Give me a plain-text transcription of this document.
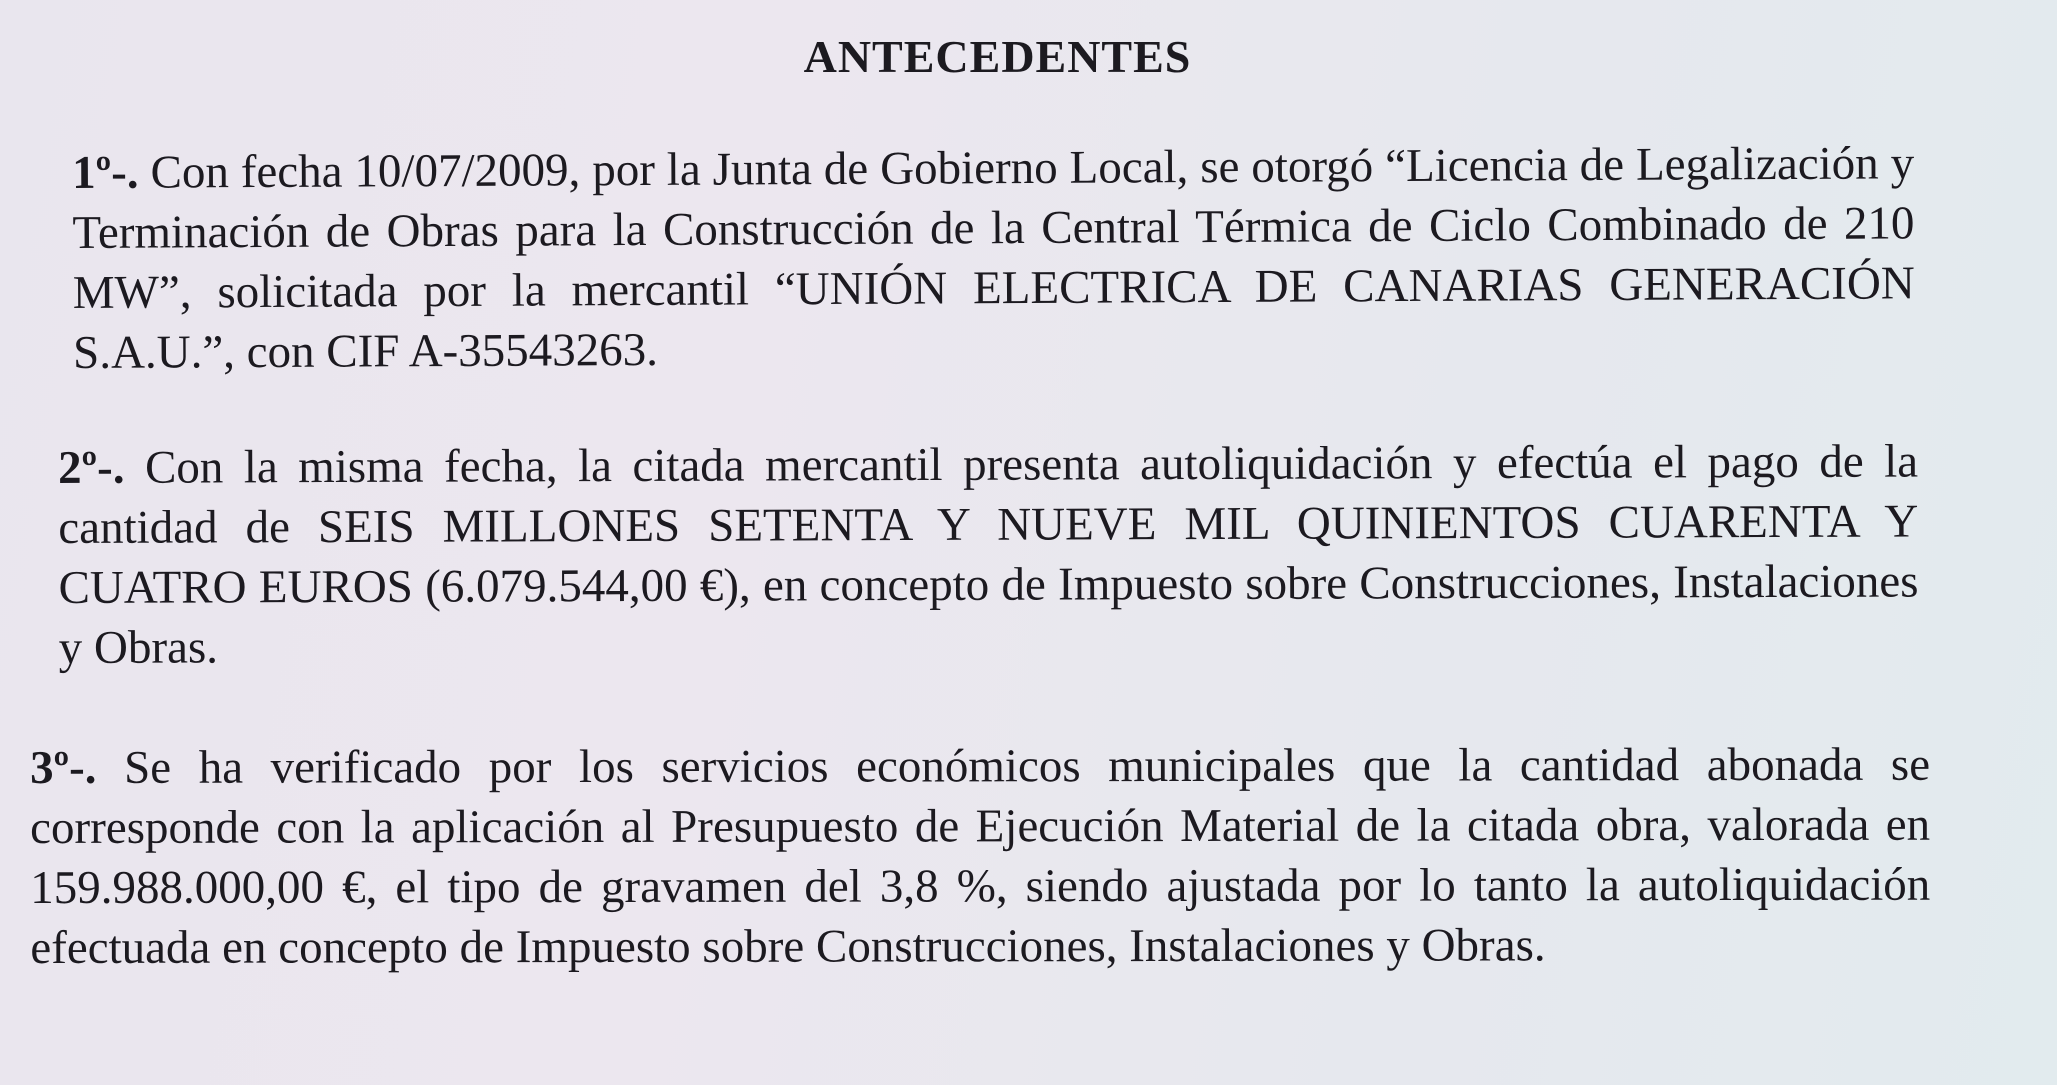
ANTECEDENTES

1º-. Con fecha 10/07/2009, por la Junta de Gobierno Local, se otorgó “Licencia de Legalización y Terminación de Obras para la Construcción de la Central Térmica de Ciclo Combinado de 210 MW”, solicitada por la mercantil “UNIÓN ELECTRICA DE CANARIAS GENERACIÓN S.A.U.”, con CIF A-35543263.

2º-. Con la misma fecha, la citada mercantil presenta autoliquidación y efectúa el pago de la cantidad de SEIS MILLONES SETENTA Y NUEVE MIL QUINIENTOS CUARENTA Y CUATRO EUROS (6.079.544,00 €), en concepto de Impuesto sobre Construcciones, Instalaciones y Obras.

3º-. Se ha verificado por los servicios económicos municipales que la cantidad abonada se corresponde con la aplicación al Presupuesto de Ejecución Material de la citada obra, valorada en 159.988.000,00 €, el tipo de gravamen del 3,8 %, siendo ajustada por lo tanto la autoliquidación efectuada en concepto de Impuesto sobre Construcciones, Instalaciones y Obras.
